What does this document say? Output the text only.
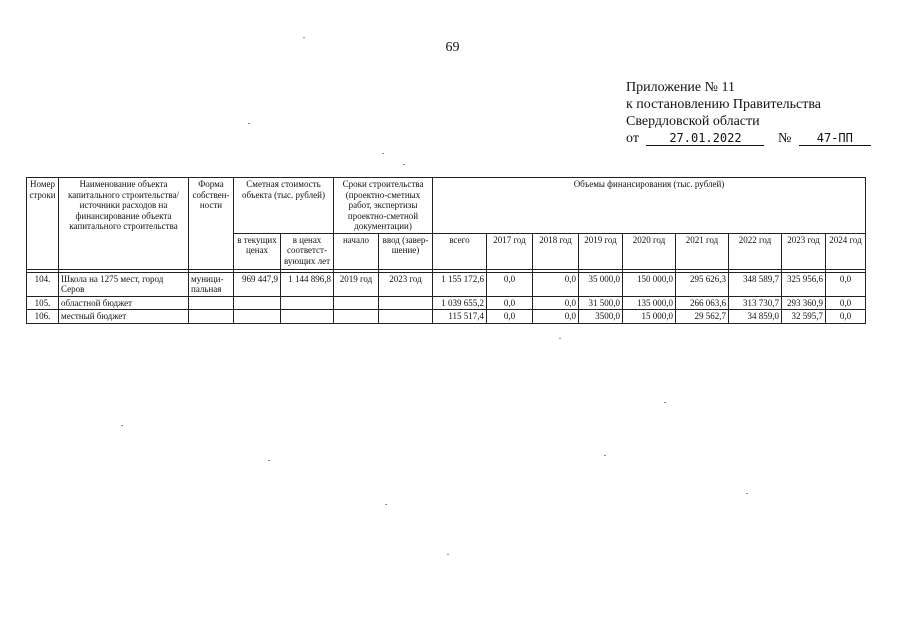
69
Приложение № 11
к постановлению Правительства
Свердловской области
от	27.01.2022	№ 47-ПП
Номер строки	Наименование объекта капитального строительства/ источники расходов на финансирование объекта капитального строительства	Форма собствен-ности	Сметная стоимость объекта (тыс. рублей)		Сроки строительства (проектно-сметных работ, экспертизы проектно-сметной документации)		Объемы финансирования (тыс. рублей)								
			в текущих ценах	в ценах соответст-вующих лет	начало	ввод (завер-шение)	всего	2017 год	2018 год	2019 год	2020 год	2021 год	2022 год	2023 год	2024 год

104.	Школа на 1275 мест, город Серов	муници-пальная	969 447,9	1 144 896,8	2019 год	2023 год	1 155 172,6	0,0	0,0	35 000,0	150 000,0	295 626,3	348 589,7	325 956,6	0,0
105.	областной бюджет						1 039 655,2	0,0	0,0	31 500,0	135 000,0	266 063,6	313 730,7	293 360,9	0,0
106.	местный бюджет						115 517,4	0,0	0,0	3500,0	15 000,0	29 562,7	34 859,0	32 595,7	0,0
